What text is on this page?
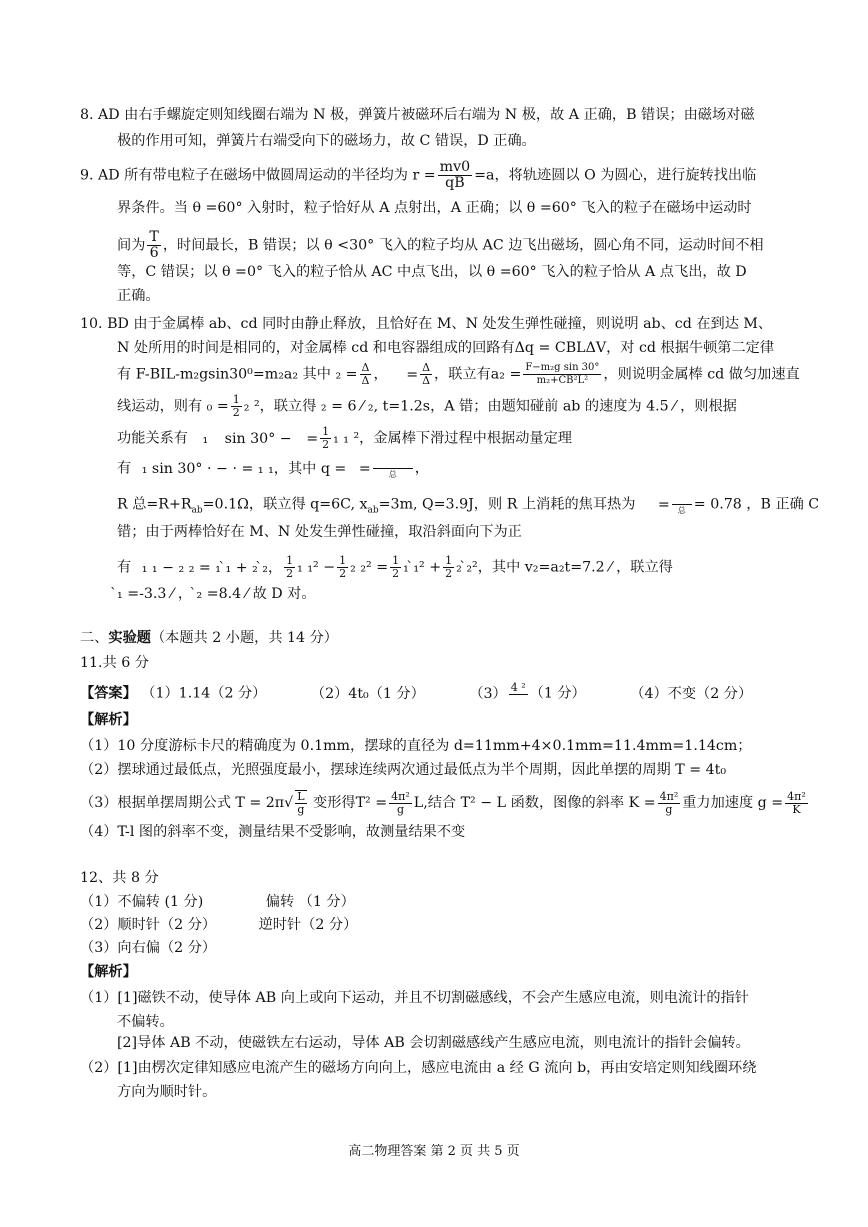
8. AD 由右手螺旋定则知线圈右端为 N 极，弹簧片被磁环后右端为 N 极，故 A 正确，B 错误；由磁场对磁
极的作用可知，弹簧片右端受向下的磁场力，故 C 错误，D 正确。
9. AD 所有带电粒子在磁场中做圆周运动的半径均为 $r = \frac{mv0}{qB} =a$，将轨迹圆以 O 为圆心，进行旋转找出临
界条件。当 θ =60° 入射时，粒子恰好从 A 点射出，A 正确；以 θ =60° 飞入的粒子在磁场中运动时
间为 $\frac{T}{6}$ ，时间最长，B 错误；以 θ <30° 飞入的粒子均从 AC 边飞出磁场，圆心角不同，运动时间不相
等，C 错误；以 θ =0° 飞入的粒子恰从 AC 中点飞出，以 θ =60° 飞入的粒子恰从 A 点飞出，故 D
正确。
10. BD 由于金属棒 ab、cd 同时由静止释放，且恰好在 M、N 处发生弹性碰撞，则说明 ab、cd 在到达 M、
N 处所用的时间是相同的，对金属棒 cd 和电容器组成的回路有Δq = CBLΔV，对 cd 根据牛顿第二定律
有 F-BIL-m₂gsin30⁰=m₂a₂ 其中 $_2 = \frac{\Delta}{\Delta}$ ， = $\frac{\Delta}{\Delta}$ ，联立有$a_2 = \frac{\text{F−m₂g sin 30°}}{\text{m₂+CB²L²}}$ ，则说明金属棒 cd 做匀加速直
线运动，则有 $_0 = \frac{1}{2} _2$ ²，联立得 ₂ = 6 ⁄ ₂, t=1.2s，A 错；由题知碰前 ab 的速度为 4.5 ⁄ ，则根据
功能关系有 ₁ sin 30° − = $\frac{1}{2} _1$ ₁ ²，金属棒下滑过程中根据动量定理
有 ₁ sin 30° · − · = ₁ ₁，其中 q = =	总	，
R 总$=R+R_{ab}=0.1\Omega$，联立得 q=6C, $x_{ab}=3m$, Q=3.9J，则 R 上消耗的焦耳热为 =	总 = 0.78 ，B 正确 C
错；由于两棒恰好在 M、N 处发生弹性碰撞，取沿斜面向下为正
有 ₁ ₁ − ₂ ₂ = ₁ ̀₁ + ₂ ̀₂， $\frac{1}{2} _1$ $_1^2 - \frac{1}{2} _2$ $_2^2 = \frac{1}{2} _1$ ̀₁² + $\frac{1}{2} _2$ ̀₂²，其中 v₂=a₂t=7.2 ⁄ ，联立得
̀₁ =-3.3 ⁄ ， ̀₂ =8.4 ⁄ 故 D 对。
二、实验题（本题共 2 小题，共 14 分）
11.共 6 分
【答案】 （1）1.14（2 分）	（2）4t₀（1 分）	（3） 4 ² （1 分）	（4）不变（2 分）
【解析】
（1）10 分度游标卡尺的精确度为 0.1mm，摆球的直径为 d=11mm+4×0.1mm=11.4mm=1.14cm；
（2）摆球通过最低点，光照强度最小，摆球连续两次通过最低点为半个周期，因此单摆的周期 T = 4t₀
（3）根据单摆周期公式 $T = 2\pi√ \frac{L}{g}$ 变形得$T^2 = \frac{\text{4π²}}{g} L$,结合 T² − L 函数，图像的斜率 $K = \frac{\text{4π²}}{g}$ 重力加速度 $g = \frac{\text{4π²}}{K}$
（4）T-l 图的斜率不变，测量结果不受影响，故测量结果不变
12、共 8 分
（1）不偏转 (1 分)	偏转 （1 分）
（2）顺时针（2 分）	逆时针（2 分）
（3）向右偏（2 分）
【解析】
（1）[1]磁铁不动，使导体 AB 向上或向下运动，并且不切割磁感线，不会产生感应电流，则电流计的指针
不偏转。
[2]导体 AB 不动，使磁铁左右运动，导体 AB 会切割磁感线产生感应电流，则电流计的指针会偏转。
（2）[1]由楞次定律知感应电流产生的磁场方向向上，感应电流由 a 经 G 流向 b，再由安培定则知线圈环绕
方向为顺时针。
高二物理答案 第 2 页 共 5 页
